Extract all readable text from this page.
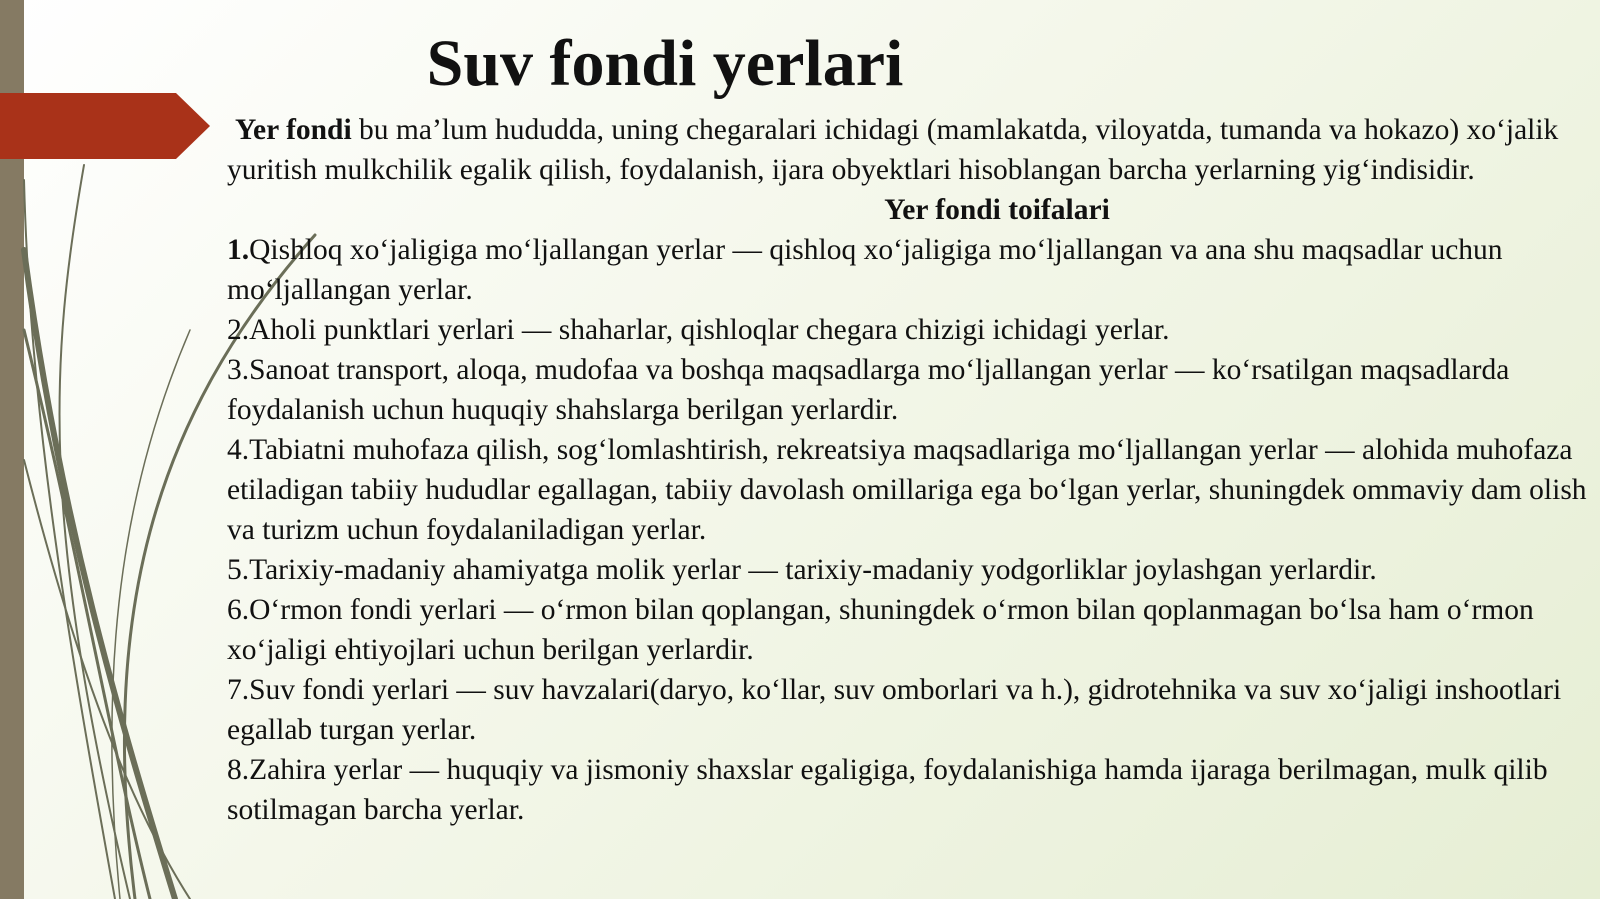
Suv fondi yerlari

Yer fondi bu ma’lum hududda, uning chegaralari ichidagi (mamlakatda, viloyatda, tumanda va hokazo) xo‘jalik yuritish mulkchilik egalik qilish, foydalanish, ijara obyektlari hisoblangan barcha yerlarning yig‘indisidir.

Yer fondi toifalari

1.Qishloq xo‘jaligiga mo‘ljallangan yerlar — qishloq xo‘jaligiga mo‘ljallangan va ana shu maqsadlar uchun mo‘ljallangan yerlar.

2.Aholi punktlari yerlari — shaharlar, qishloqlar chegara chizigi ichidagi yerlar.

3.Sanoat transport, aloqa, mudofaa va boshqa maqsadlarga mo‘ljallangan yerlar — ko‘rsatilgan maqsadlarda foydalanish uchun huquqiy shahslarga berilgan yerlardir.

4.Tabiatni muhofaza qilish, sog‘lomlashtirish, rekreatsiya maqsadlariga mo‘ljallangan yerlar — alohida muhofaza etiladigan tabiiy hududlar egallagan, tabiiy davolash omillariga ega bo‘lgan yerlar, shuningdek ommaviy dam olish va turizm uchun foydalaniladigan yerlar.

5.Tarixiy-madaniy ahamiyatga molik yerlar — tarixiy-madaniy yodgorliklar joylashgan yerlardir.

6.O‘rmon fondi yerlari — o‘rmon bilan qoplangan, shuningdek o‘rmon bilan qoplanmagan bo‘lsa ham o‘rmon xo‘jaligi ehtiyojlari uchun berilgan yerlardir.

7.Suv fondi yerlari — suv havzalari(daryo, ko‘llar, suv omborlari va h.), gidrotehnika va suv xo‘jaligi inshootlari egallab turgan yerlar.

8.Zahira yerlar — huquqiy va jismoniy shaxslar egaligiga, foydalanishiga hamda ijaraga berilmagan, mulk qilib sotilmagan barcha yerlar.
